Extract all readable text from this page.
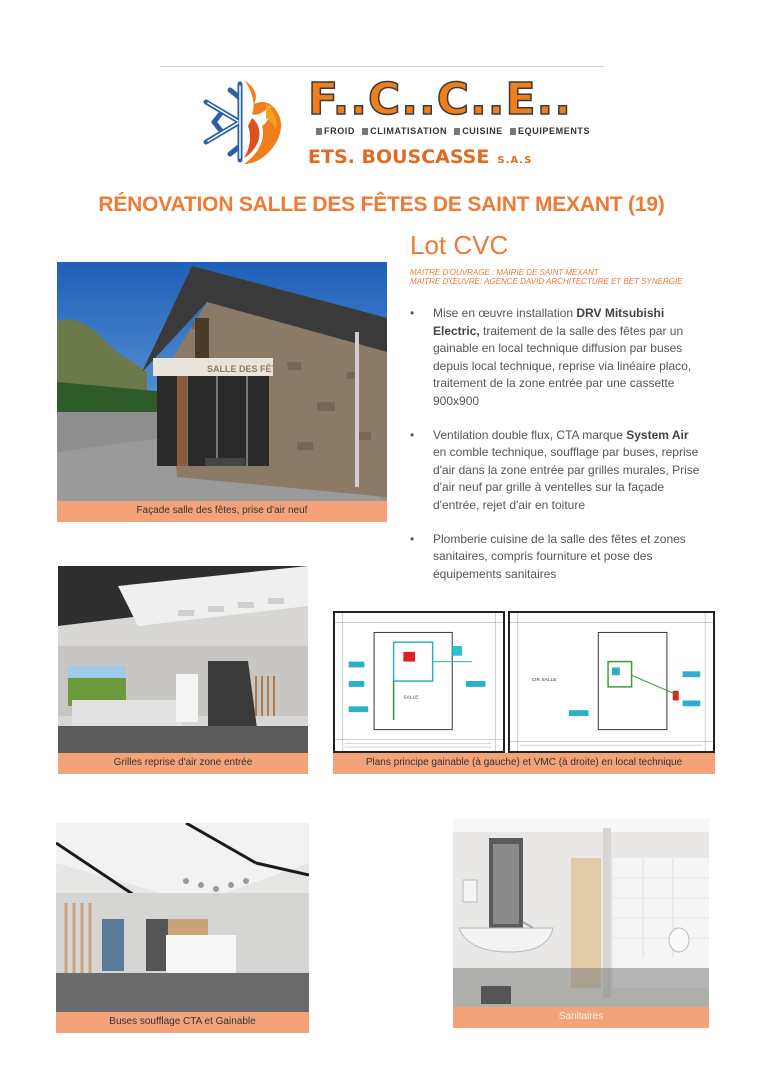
F..C..C..E..
FROID CLIMATISATION CUISINE EQUIPEMENTS
ETS. BOUSCASSE S.A.S
RÉNOVATION SALLE DES FÊTES DE SAINT MEXANT (19)
Lot CVC
MAITRE D'OUVRAGE : MAIRIE DE SAINT MEXANT
MAITRE D'ŒUVRE: AGENCE DAVID ARCHITECTURE ET BET SYNERGIE
• Mise en œuvre installation DRV Mitsubishi Electric, traitement de la salle des fêtes par un gainable en local technique diffusion par buses depuis local technique, reprise via linéaire placo, traitement de la zone entrée par une cassette 900x900
• Ventilation double flux, CTA marque System Air en comble technique, soufflage par buses, reprise d'air dans la zone entrée par grilles murales, Prise d'air neuf par grille à ventelles sur la façade d'entrée, rejet d'air en toiture
• Plomberie cuisine de la salle des fêtes et zones sanitaires, compris fourniture et pose des équipements sanitaires
SALLE DES FÊTES
Façade salle des fêtes, prise d'air neuf
Grilles reprise d'air zone entrée
SALLE
CIR SALLE
Plans principe gainable (à gauche) et VMC (à droite) en local technique
Buses soufflage CTA et Gainable	Sanitaires
